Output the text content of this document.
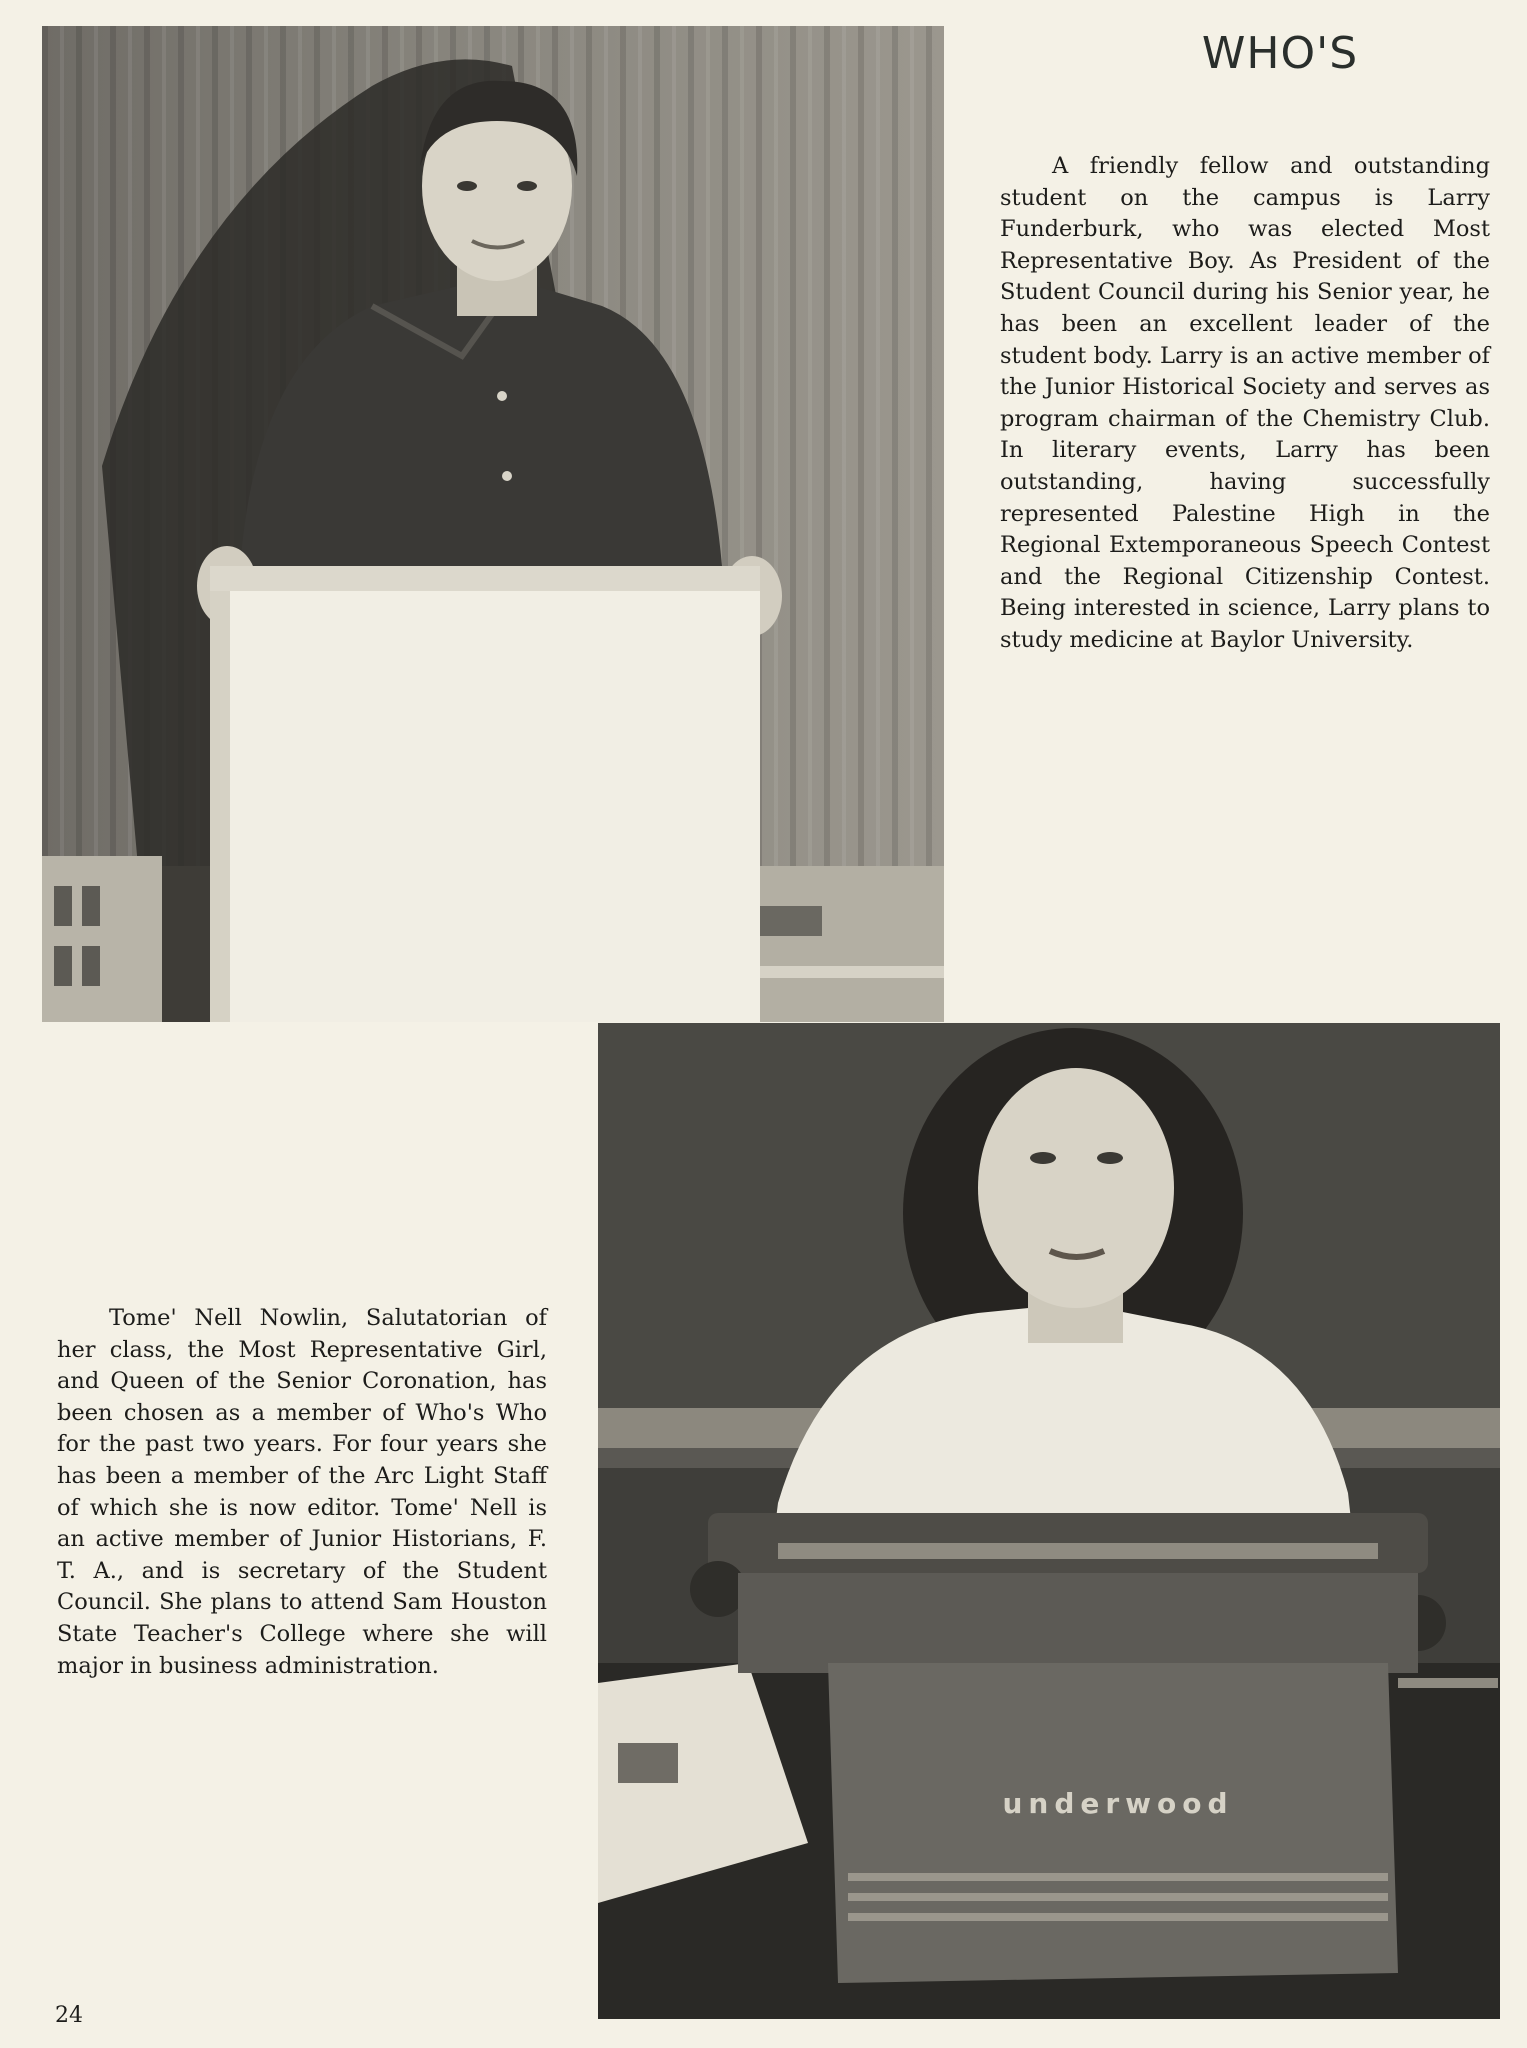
WHO'S

A friendly fellow and outstanding student on the campus is Larry Funderburk, who was elected Most Representative Boy. As President of the Student Council during his Senior year, he has been an excellent leader of the student body. Larry is an active member of the Junior Historical Society and serves as program chairman of the Chemistry Club. In literary events, Larry has been outstanding, having successfully represented Palestine High in the Regional Extemporaneous Speech Contest and the Regional Citizenship Contest. Being interested in science, Larry plans to study medicine at Baylor University.

underwood

Tome' Nell Nowlin, Salutatorian of her class, the Most Representative Girl, and Queen of the Senior Coronation, has been chosen as a member of Who's Who for the past two years. For four years she has been a member of the Arc Light Staff of which she is now editor. Tome' Nell is an active member of Junior Historians, F. T. A., and is secretary of the Student Council. She plans to attend Sam Houston State Teacher's College where she will major in business administration.

24
